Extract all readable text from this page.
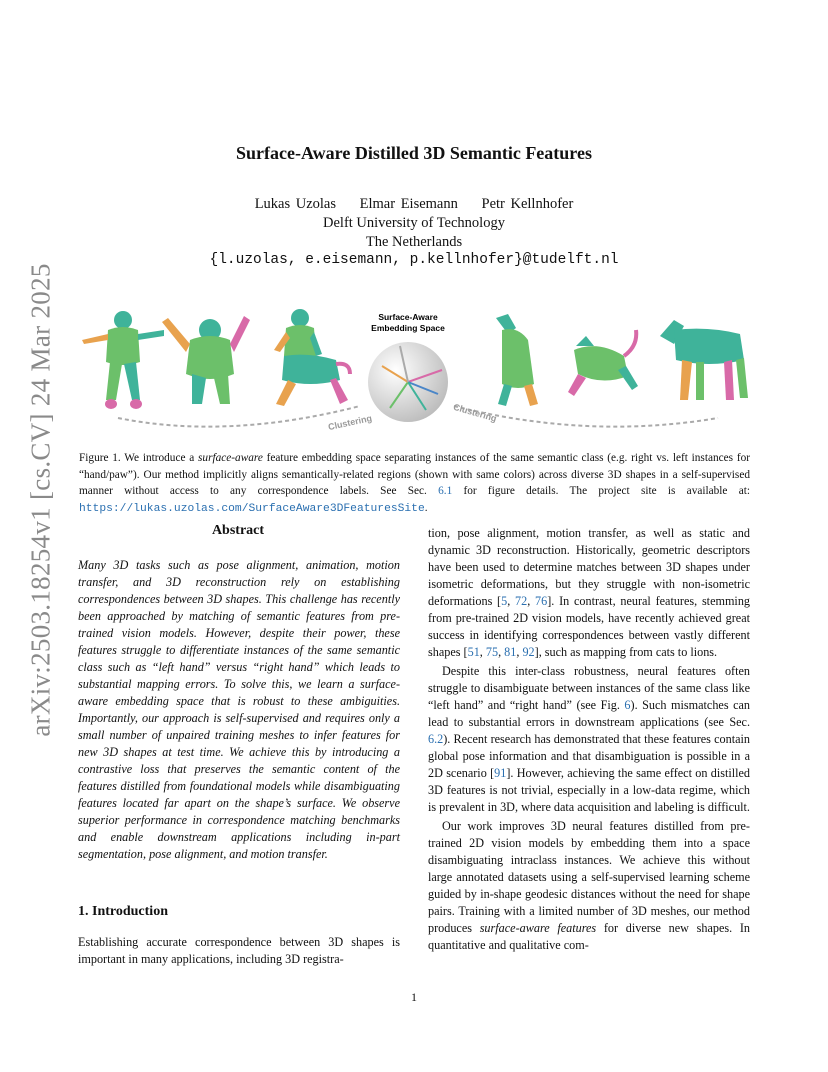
arXiv:2503.18254v1 [cs.CV] 24 Mar 2025
Surface-Aware Distilled 3D Semantic Features
Lukas Uzolas Elmar Eisemann Petr Kellnhofer
Delft University of Technology
The Netherlands
{l.uzolas, e.eisemann, p.kellnhofer}@tudelft.nl
Clustering	Clustering
Surface-Aware
Embedding Space
Figure 1. We introduce a surface-aware feature embedding space separating instances of the same semantic class (e.g. right vs. left instances for “hand/paw”). Our method implicitly aligns semantically-related regions (shown with same colors) across diverse 3D shapes in a self-supervised manner without access to any correspondence labels. See Sec. 6.1 for figure details. The project site is available at: https://lukas.uzolas.com/SurfaceAware3DFeaturesSite.
Abstract
Many 3D tasks such as pose alignment, animation, motion transfer, and 3D reconstruction rely on establishing correspondences between 3D shapes. This challenge has recently been approached by matching of semantic features from pre-trained vision models. However, despite their power, these features struggle to differentiate instances of the same semantic class such as “left hand” versus “right hand” which leads to substantial mapping errors. To solve this, we learn a surface-aware embedding space that is robust to these ambiguities. Importantly, our approach is self-supervised and requires only a small number of unpaired training meshes to infer features for new 3D shapes at test time. We achieve this by introducing a contrastive loss that preserves the semantic content of the features distilled from foundational models while disambiguating features located far apart on the shape’s surface. We observe superior performance in correspondence matching benchmarks and enable downstream applications including in-part segmentation, pose alignment, and motion transfer.
1. Introduction
Establishing accurate correspondence between 3D shapes is important in many applications, including 3D registra-

tion, pose alignment, motion transfer, as well as static and dynamic 3D reconstruction. Historically, geometric descriptors have been used to determine matches between 3D shapes under isometric deformations, but they struggle with non-isometric deformations [5, 72, 76]. In contrast, neural features, stemming from pre-trained 2D vision models, have recently achieved great success in identifying correspondences between vastly different shapes [51, 75, 81, 92], such as mapping from cats to lions.

Despite this inter-class robustness, neural features often struggle to disambiguate between instances of the same class like “left hand” and “right hand” (see Fig. 6). Such mismatches can lead to substantial errors in downstream applications (see Sec. 6.2). Recent research has demonstrated that these features contain global pose information and that disambiguation is possible in a 2D scenario [91]. However, achieving the same effect on distilled 3D features is not trivial, especially in a low-data regime, which is prevalent in 3D, where data acquisition and labeling is difficult.

Our work improves 3D neural features distilled from pre-trained 2D vision models by embedding them into a space disambiguating intraclass instances. We achieve this without large annotated datasets using a self-supervised learning scheme guided by in-shape geodesic distances without the need for shape pairs. Training with a limited number of 3D meshes, our method produces surface-aware features for diverse new shapes. In quantitative and qualitative com-

1
